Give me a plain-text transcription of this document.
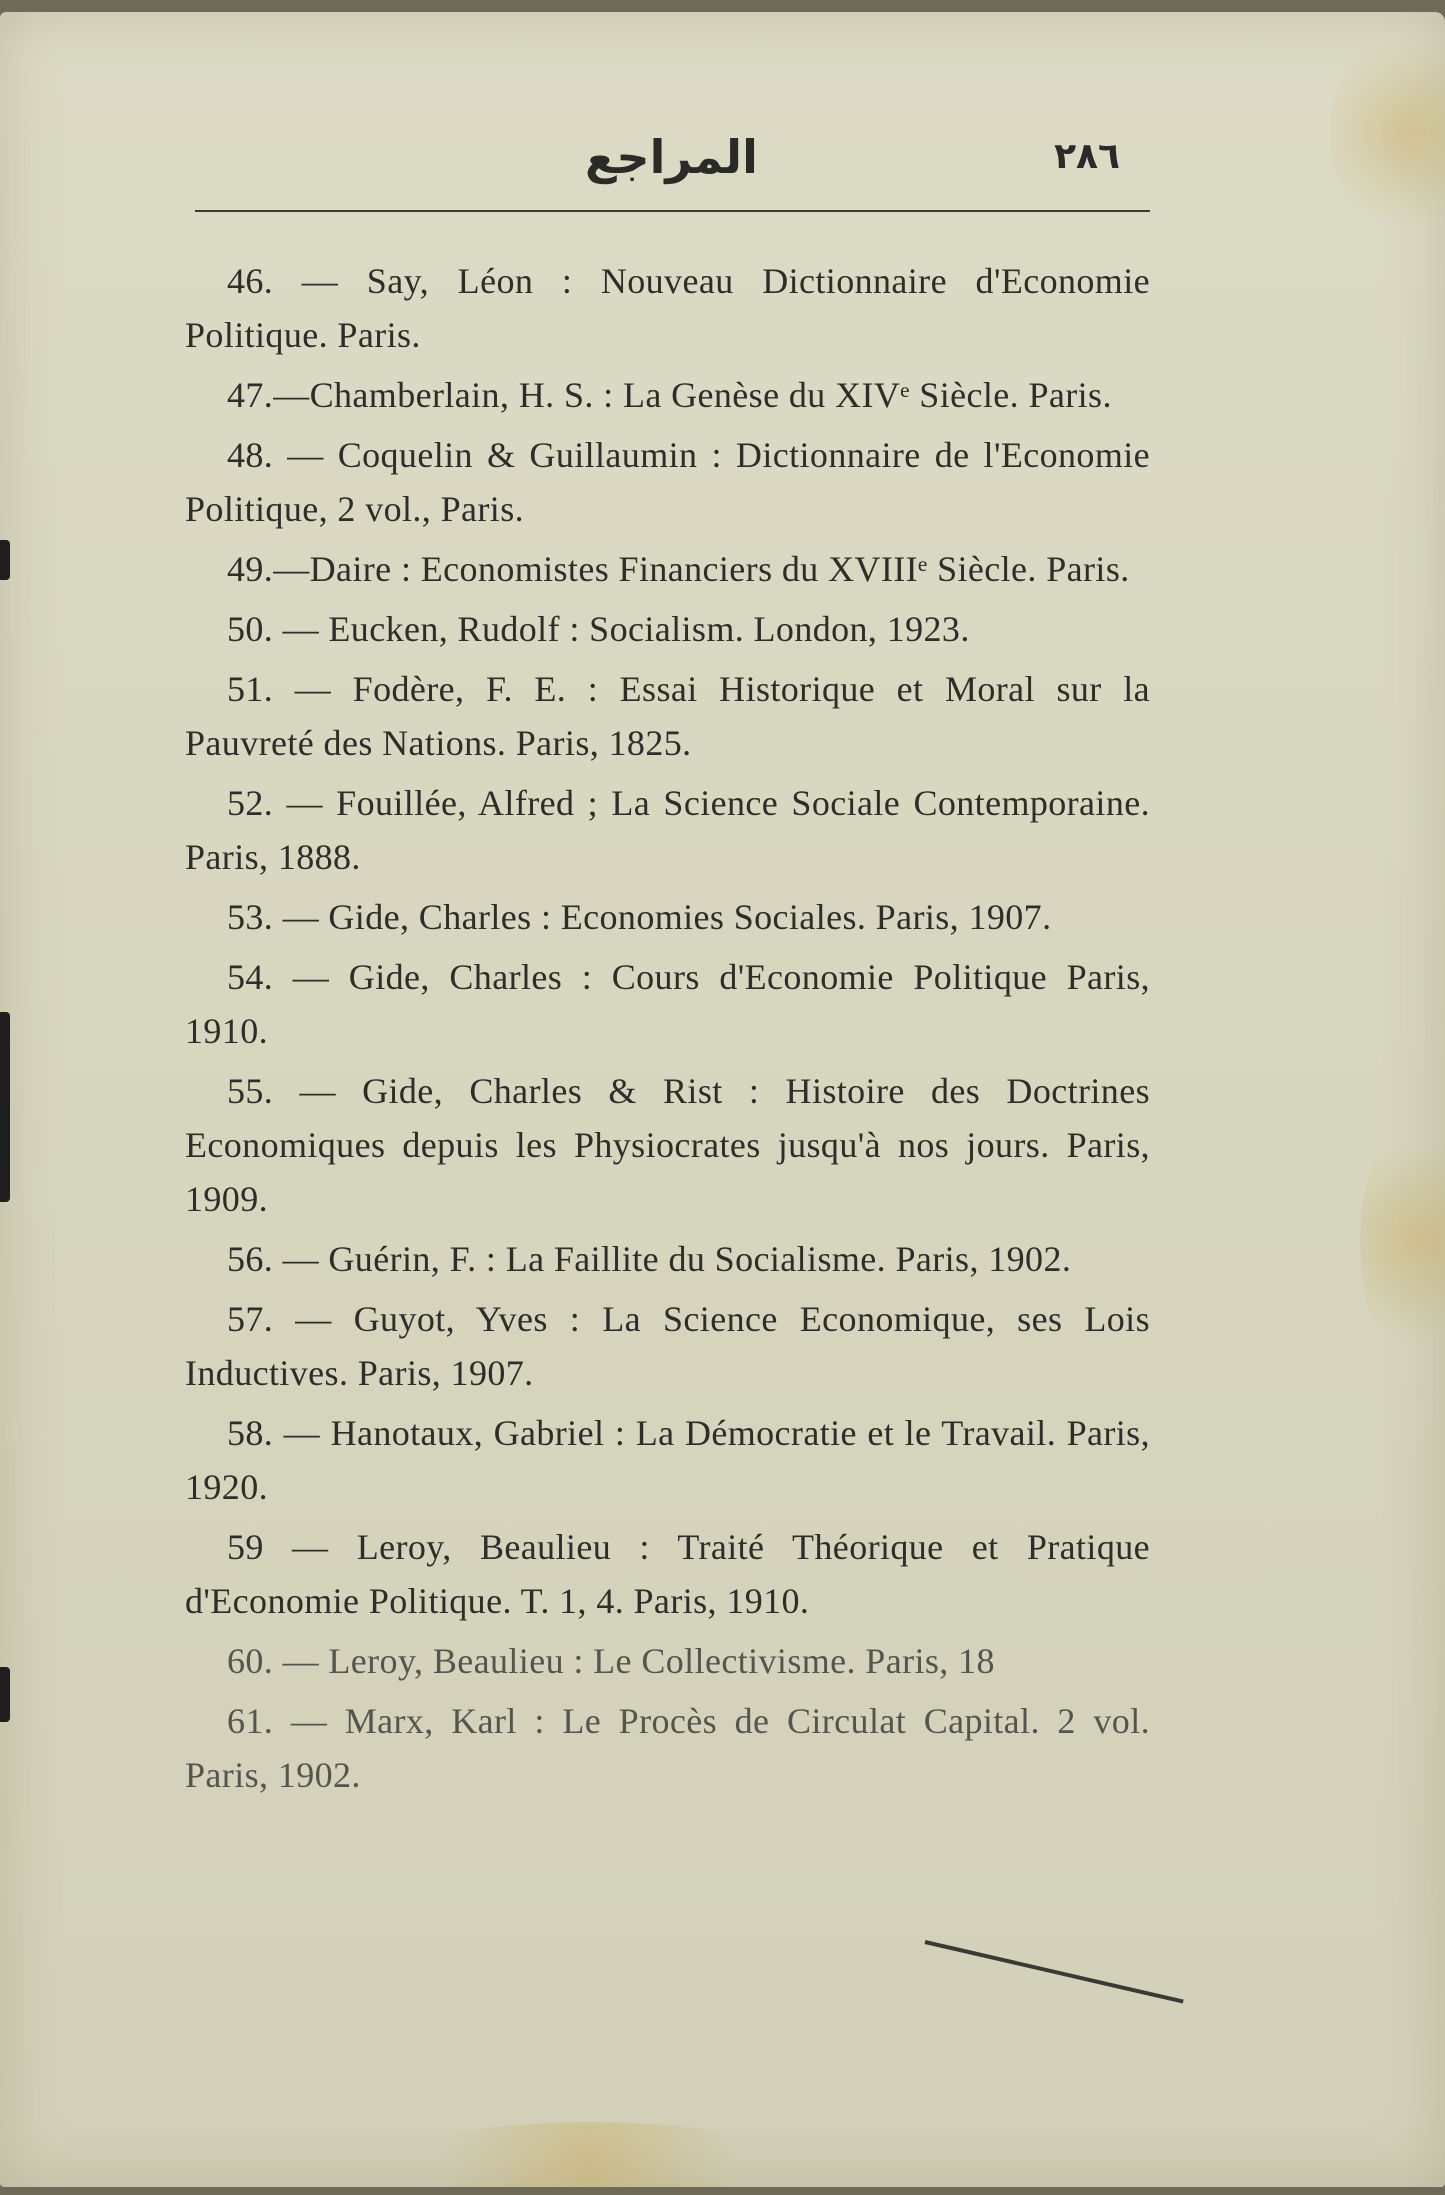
المراجع	٢٨٦

46. — Say, Léon : Nouveau Dictionnaire d'Economie Politique. Paris.

47.—Chamberlain, H. S. : La Genèse du XIVᵉ Siècle. Paris.

48. — Coquelin & Guillaumin : Dictionnaire de l'Economie Politique, 2 vol., Paris.

49.—Daire : Economistes Financiers du XVIIIᵉ Siècle. Paris.

50. — Eucken, Rudolf : Socialism. London, 1923.

51. — Fodère, F. E. : Essai Historique et Moral sur la Pauvreté des Nations. Paris, 1825.

52. — Fouillée, Alfred ; La Science Sociale Contemporaine. Paris, 1888.

53. — Gide, Charles : Economies Sociales. Paris, 1907.

54. — Gide, Charles : Cours d'Economie Politique Paris, 1910.

55. — Gide, Charles & Rist : Histoire des Doctrines Economiques depuis les Physiocrates jusqu'à nos jours. Paris, 1909.

56. — Guérin, F. : La Faillite du Socialisme. Paris, 1902.

57. — Guyot, Yves : La Science Economique, ses Lois Inductives. Paris, 1907.

58. — Hanotaux, Gabriel : La Démocratie et le Travail. Paris, 1920.

59 — Leroy, Beaulieu : Traité Théorique et Pratique d'Economie Politique. T. 1, 4. Paris, 1910.

60. — Leroy, Beaulieu : Le Collectivisme. Paris, 18

61. — Marx, Karl : Le Procès de Circulat Capital. 2 vol. Paris, 1902.
